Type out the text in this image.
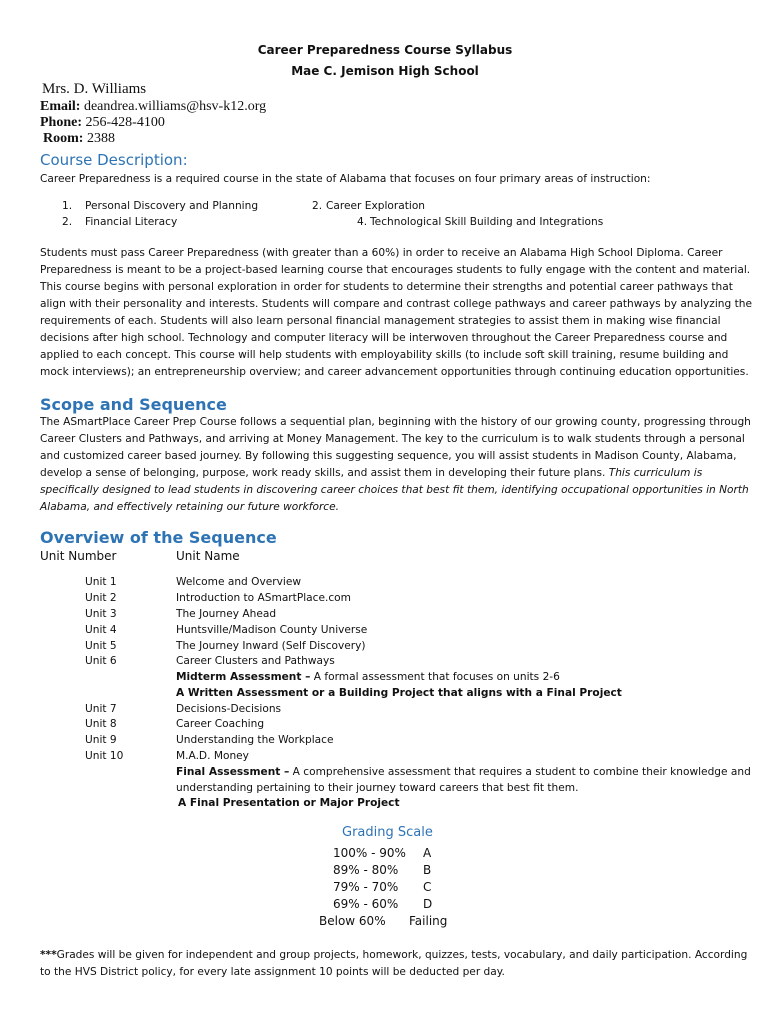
Career Preparedness Course Syllabus
Mae C. Jemison High School
Mrs. D. Williams
Email: deandrea.williams@hsv-k12.org
Phone: 256-428-4100
Room: 2388
Course Description:
Career Preparedness is a required course in the state of Alabama that focuses on four primary areas of instruction:
1. Personal Discovery and Planning
2. Financial Literacy
2. Career Exploration
4. Technological Skill Building and Integrations
Students must pass Career Preparedness (with greater than a 60%) in order to receive an Alabama High School Diploma. Career
Preparedness is meant to be a project-based learning course that encourages students to fully engage with the content and material.
This course begins with personal exploration in order for students to determine their strengths and potential career pathways that
align with their personality and interests. Students will compare and contrast college pathways and career pathways by analyzing the
requirements of each. Students will also learn personal financial management strategies to assist them in making wise financial
decisions after high school. Technology and computer literacy will be interwoven throughout the Career Preparedness course and
applied to each concept. This course will help students with employability skills (to include soft skill training, resume building and
mock interviews); an entrepreneurship overview; and career advancement opportunities through continuing education opportunities.
Scope and Sequence
The ASmartPlace Career Prep Course follows a sequential plan, beginning with the history of our growing county, progressing through
Career Clusters and Pathways, and arriving at Money Management. The key to the curriculum is to walk students through a personal
and customized career based journey. By following this suggesting sequence, you will assist students in Madison County, Alabama,
develop a sense of belonging, purpose, work ready skills, and assist them in developing their future plans. This curriculum is
specifically designed to lead students in discovering career choices that best fit them, identifying occupational opportunities in North
Alabama, and effectively retaining our future workforce.
Overview of the Sequence
Unit Number	Unit Name
Unit 1	Welcome and Overview
Unit 2	Introduction to ASmartPlace.com
Unit 3	The Journey Ahead
Unit 4	Huntsville/Madison County Universe
Unit 5	The Journey Inward (Self Discovery)
Unit 6	Career Clusters and Pathways
Midterm Assessment – A formal assessment that focuses on units 2-6
A Written Assessment or a Building Project that aligns with a Final Project
Unit 7	Decisions-Decisions
Unit 8	Career Coaching
Unit 9	Understanding the Workplace
Unit 10	M.A.D. Money
Final Assessment – A comprehensive assessment that requires a student to combine their knowledge and
understanding pertaining to their journey toward careers that best fit them.
A Final Presentation or Major Project
Grading Scale
100% - 90% A
89% - 80% B
79% - 70% C
69% - 60% D
Below 60% Failing
***Grades will be given for independent and group projects, homework, quizzes, tests, vocabulary, and daily participation. According
to the HVS District policy, for every late assignment 10 points will be deducted per day.
